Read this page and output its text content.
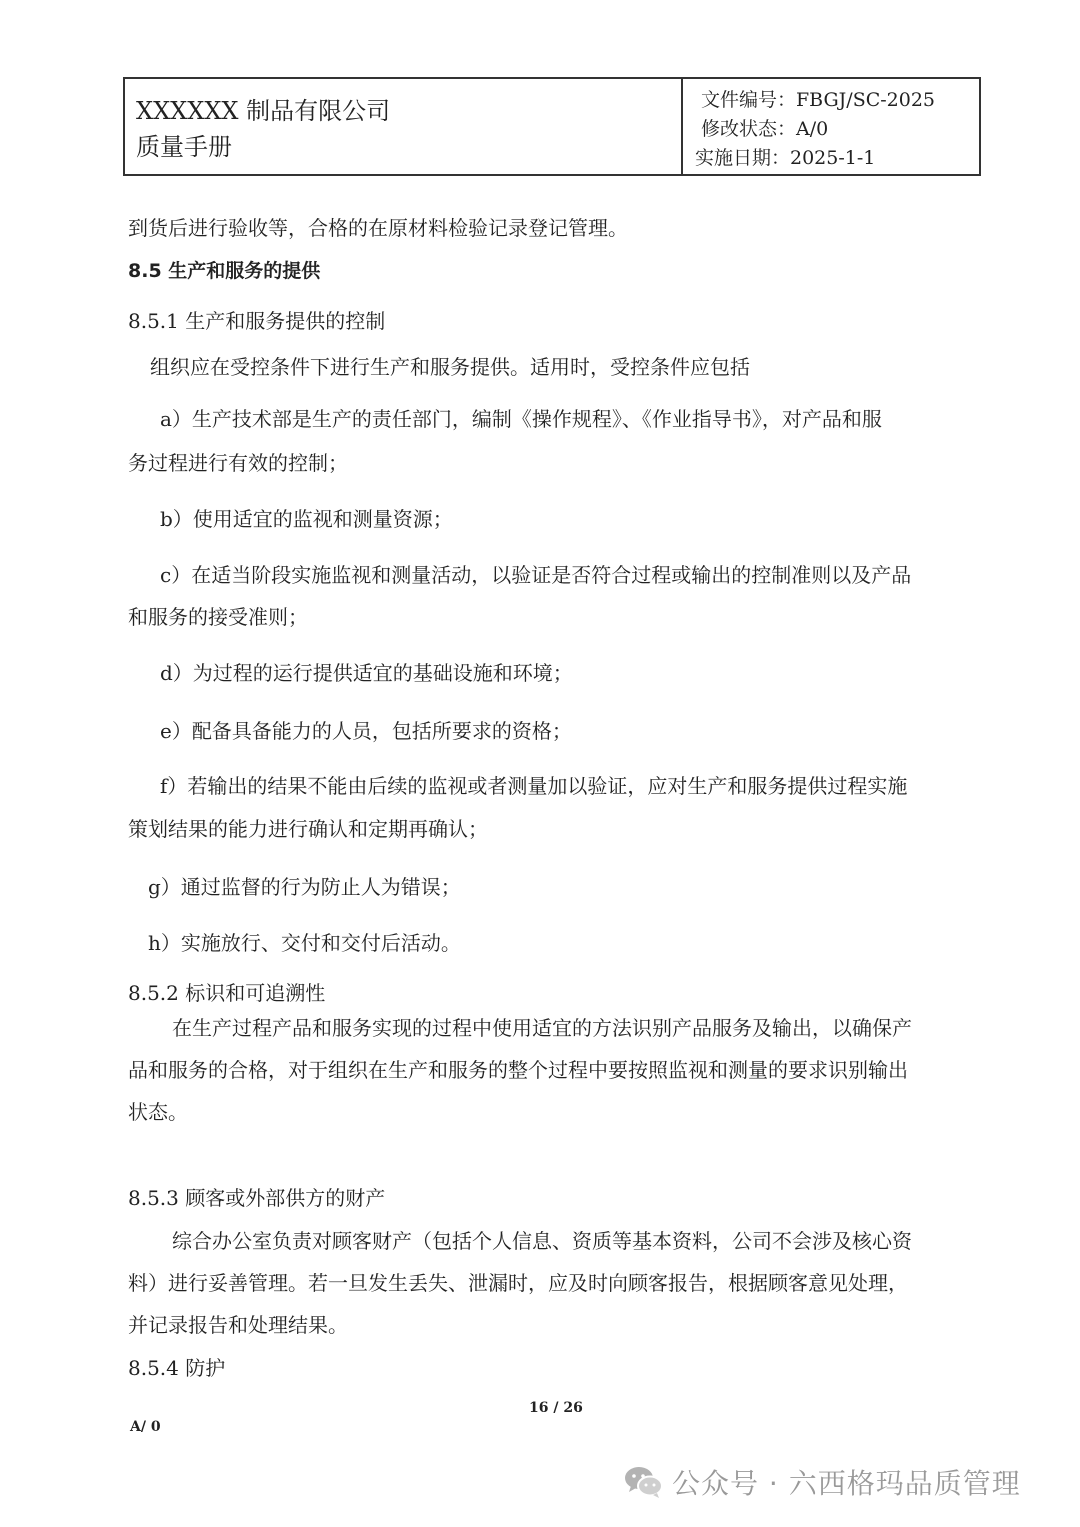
XXXXXX 制品有限公司
质量手册
文件编号：FBGJ/SC-2025
修改状态：A/0
实施日期：2025-1-1
到货后进行验收等，合格的在原材料检验记录登记管理。
8.5 生产和服务的提供
8.5.1 生产和服务提供的控制
组织应在受控条件下进行生产和服务提供。适用时，受控条件应包括
a）生产技术部是生产的责任部门，编制《操作规程》、《作业指导书》，对产品和服
务过程进行有效的控制；
b）使用适宜的监视和测量资源；
c）在适当阶段实施监视和测量活动，以验证是否符合过程或输出的控制准则以及产品
和服务的接受准则；
d）为过程的运行提供适宜的基础设施和环境；
e）配备具备能力的人员，包括所要求的资格；
f）若输出的结果不能由后续的监视或者测量加以验证，应对生产和服务提供过程实施
策划结果的能力进行确认和定期再确认；
g）通过监督的行为防止人为错误；
h）实施放行、交付和交付后活动。
8.5.2 标识和可追溯性
在生产过程产品和服务实现的过程中使用适宜的方法识别产品服务及输出，以确保产
品和服务的合格，对于组织在生产和服务的整个过程中要按照监视和测量的要求识别输出
状态。
8.5.3 顾客或外部供方的财产
综合办公室负责对顾客财产（包括个人信息、资质等基本资料，公司不会涉及核心资
料）进行妥善管理。若一旦发生丢失、泄漏时，应及时向顾客报告，根据顾客意见处理，
并记录报告和处理结果。
8.5.4 防护
16 / 26
A/ 0
公众号 · 六西格玛品质管理
